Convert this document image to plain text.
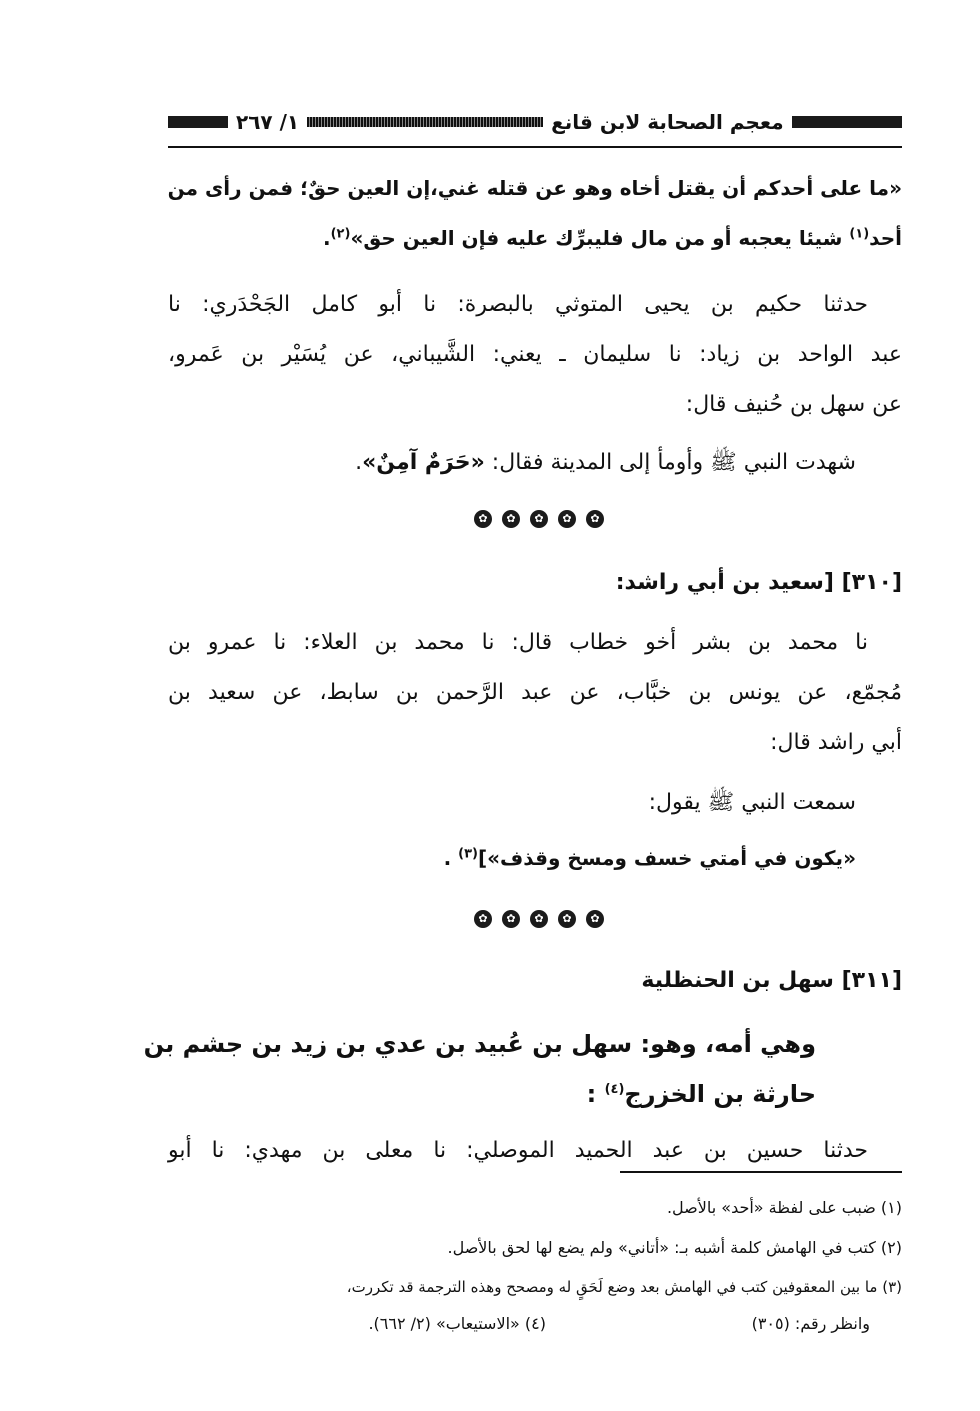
١/ ٢٦٧	معجم الصحابة لابن قانع
«ما على أحدكم أن يقتل أخاه وهو عن قتله غني،إن العين حقٌ؛ فمن رأى من
أحد$^{(١)}$ شيئا يعجبه أو من مال فليبرِّك عليه فإن العين حق»$^{(٢)}$.
حدثنا حكيم بن يحيى المتوثي بالبصرة: نا أبو كامل الجَحْدَري: نا
عبد الواحد بن زياد: نا سليمان ـ يعني: الشَّيباني، عن يُسَيْر بن عَمرو،
عن سهل بن حُنيف قال:
شهدت النبي ﷺ وأومأ إلى المدينة فقال: «حَرَمٌ آمِنٌ».
✿	✿	✿	✿	✿
[٣١٠] [سعيد بن أبي راشد:
نا محمد بن بشر أخو خطاب قال: نا محمد بن العلاء: نا عمرو بن
مُجمّع، عن يونس بن خبَّاب، عن عبد الرَّحمن بن سابط، عن سعيد بن
أبي راشد قال:
سمعت النبي ﷺ يقول:
«يكون في أمتي خسف ومسخ وقذف»]$^{(٣)}$ .
✿	✿	✿	✿	✿
[٣١١] سهل بن الحنظلية
وهي أمه، وهو: سهل بن عُبيد بن عدي بن زيد بن جشم بن
حارثة بن الخزرج$^{(٤)}$ :
حدثنا حسين بن عبد الحميد الموصلي: نا معلى بن مهدي: نا أبو
(١) ضبب على لفظة «أحد» بالأصل.
(٢) كتب في الهامش كلمة أشبه بـ: «أتاني» ولم يضع لها لحق بالأصل.
(٣) ما بين المعقوفين كتب في الهامش بعد وضع لَحَقٍ له ومصحح وهذه الترجمة قد تكررت،
وانظر رقم: (٣٠٥)
(٤) «الاستيعاب» (٢/ ٦٦٢).
